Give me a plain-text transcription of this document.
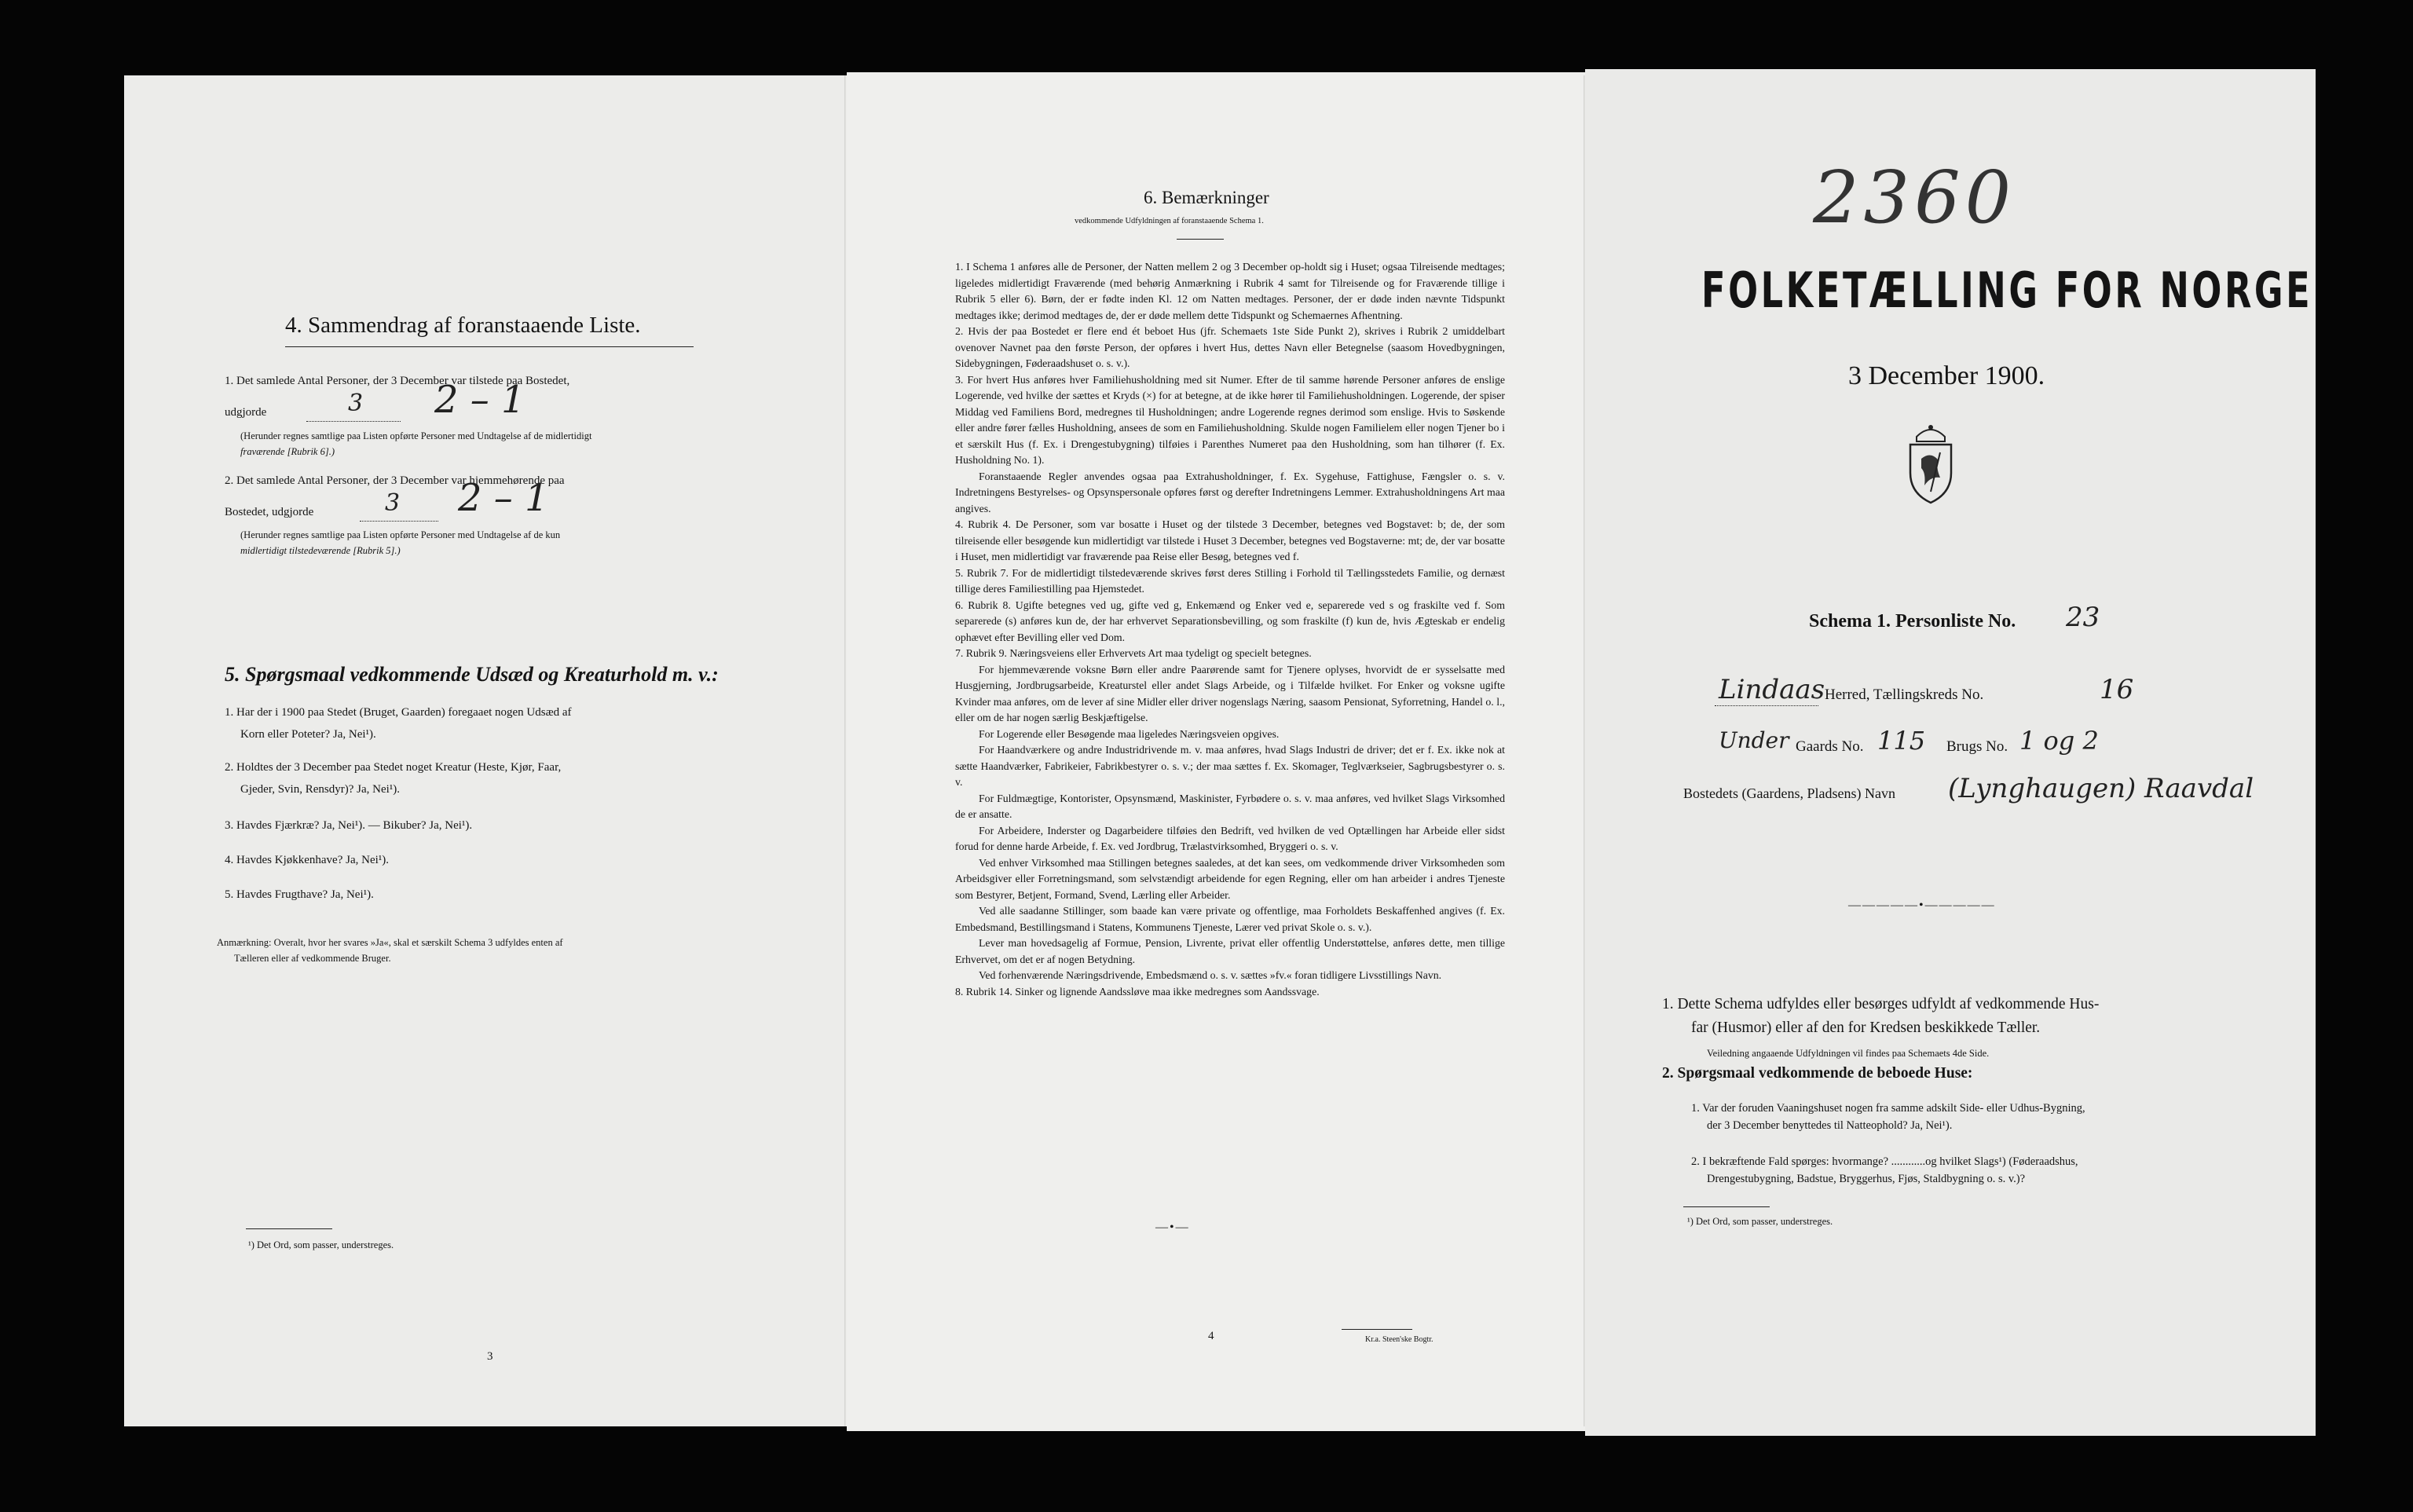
4. Sammendrag af foranstaaende Liste.
1. Det samlede Antal Personer, der 3 December var tilstede paa Bostedet,
udgjorde	3 2 – 1
(Herunder regnes samtlige paa Listen opførte Personer med Undtagelse af de midlertidigt
fraværende [Rubrik 6].)
2. Det samlede Antal Personer, der 3 December var hjemmehørende paa
Bostedet, udgjorde	3 2 – 1
(Herunder regnes samtlige paa Listen opførte Personer med Undtagelse af de kun
midlertidigt tilstedeværende [Rubrik 5].)
5. Spørgsmaal vedkommende Udsæd og Kreaturhold m. v.:
1. Har der i 1900 paa Stedet (Bruget, Gaarden) foregaaet nogen Udsæd af
Korn eller Poteter? Ja, Nei¹).
2. Holdtes der 3 December paa Stedet noget Kreatur (Heste, Kjør, Faar,
Gjeder, Svin, Rensdyr)? Ja, Nei¹).
3. Havdes Fjærkræ? Ja, Nei¹). — Bikuber? Ja, Nei¹).
4. Havdes Kjøkkenhave? Ja, Nei¹).
5. Havdes Frugthave? Ja, Nei¹).
Anmærkning: Overalt, hvor her svares »Ja«, skal et særskilt Schema 3 udfyldes enten af
Tælleren eller af vedkommende Bruger.
¹) Det Ord, som passer, understreges.
3
6. Bemærkninger
vedkommende Udfyldningen af foranstaaende Schema 1.

1. I Schema 1 anføres alle de Personer, der Natten mellem 2 og 3 December op-holdt sig i Huset; ogsaa Tilreisende medtages; ligeledes midlertidigt Fraværende (med behørig Anmærkning i Rubrik 4 samt for Tilreisende og for Fraværende tillige i Rubrik 5 eller 6). Børn, der er fødte inden Kl. 12 om Natten medtages. Personer, der er døde inden nævnte Tidspunkt medtages ikke; derimod medtages de, der er døde mellem dette Tidspunkt og Schemaernes Afhentning.

2. Hvis der paa Bostedet er flere end ét beboet Hus (jfr. Schemaets 1ste Side Punkt 2), skrives i Rubrik 2 umiddelbart ovenover Navnet paa den første Person, der opføres i hvert Hus, dettes Navn eller Betegnelse (saasom Hovedbygningen, Sidebygningen, Føderaadshuset o. s. v.).

3. For hvert Hus anføres hver Familiehusholdning med sit Numer. Efter de til samme hørende Personer anføres de enslige Logerende, ved hvilke der sættes et Kryds (×) for at betegne, at de ikke hører til Familiehusholdningen. Logerende, der spiser Middag ved Familiens Bord, medregnes til Husholdningen; andre Logerende regnes derimod som enslige. Hvis to Søskende eller andre fører fælles Husholdning, ansees de som en Familiehusholdning. Skulde nogen Familielem eller nogen Tjener bo i et særskilt Hus (f. Ex. i Drengestubygning) tilføies i Parenthes Numeret paa den Husholdning, som han tilhører (f. Ex. Husholdning No. 1).

Foranstaaende Regler anvendes ogsaa paa Extrahusholdninger, f. Ex. Sygehuse, Fattighuse, Fængsler o. s. v. Indretningens Bestyrelses- og Opsynspersonale opføres først og derefter Indretningens Lemmer. Extrahusholdningens Art maa angives.

4. Rubrik 4. De Personer, som var bosatte i Huset og der tilstede 3 December, betegnes ved Bogstavet: b; de, der som tilreisende eller besøgende kun midlertidigt var tilstede i Huset 3 December, betegnes ved Bogstaverne: mt; de, der var bosatte i Huset, men midlertidigt var fraværende paa Reise eller Besøg, betegnes ved f.

5. Rubrik 7. For de midlertidigt tilstedeværende skrives først deres Stilling i Forhold til Tællingsstedets Familie, og dernæst tillige deres Familiestilling paa Hjemstedet.

6. Rubrik 8. Ugifte betegnes ved ug, gifte ved g, Enkemænd og Enker ved e, separerede ved s og fraskilte ved f. Som separerede (s) anføres kun de, der har erhvervet Separationsbevilling, og som fraskilte (f) kun de, hvis Ægteskab er endelig ophævet efter Bevilling eller ved Dom.

7. Rubrik 9. Næringsveiens eller Erhvervets Art maa tydeligt og specielt betegnes.

For hjemmeværende voksne Børn eller andre Paarørende samt for Tjenere oplyses, hvorvidt de er sysselsatte med Husgjerning, Jordbrugsarbeide, Kreaturstel eller andet Slags Arbeide, og i Tilfælde hvilket. For Enker og voksne ugifte Kvinder maa anføres, om de lever af sine Midler eller driver nogenslags Næring, saasom Pensionat, Syforretning, Handel o. l., eller om de har nogen særlig Beskjæftigelse.

For Logerende eller Besøgende maa ligeledes Næringsveien opgives.

For Haandværkere og andre Industridrivende m. v. maa anføres, hvad Slags Industri de driver; det er f. Ex. ikke nok at sætte Haandværker, Fabrikeier, Fabrikbestyrer o. s. v.; der maa sættes f. Ex. Skomager, Teglværkseier, Sagbrugsbestyrer o. s. v.

For Fuldmægtige, Kontorister, Opsynsmænd, Maskinister, Fyrbødere o. s. v. maa anføres, ved hvilket Slags Virksomhed de er ansatte.

For Arbeidere, Inderster og Dagarbeidere tilføies den Bedrift, ved hvilken de ved Optællingen har Arbeide eller sidst forud for denne harde Arbeide, f. Ex. ved Jordbrug, Trælastvirksomhed, Bryggeri o. s. v.

Ved enhver Virksomhed maa Stillingen betegnes saaledes, at det kan sees, om vedkommende driver Virksomheden som Arbeidsgiver eller Forretningsmand, som selvstændigt arbeidende for egen Regning, eller om han arbeider i andres Tjeneste som Bestyrer, Betjent, Formand, Svend, Lærling eller Arbeider.

Ved alle saadanne Stillinger, som baade kan være private og offentlige, maa Forholdets Beskaffenhed angives (f. Ex. Embedsmand, Bestillingsmand i Statens, Kommunens Tjeneste, Lærer ved privat Skole o. s. v.).

Lever man hovedsagelig af Formue, Pension, Livrente, privat eller offentlig Understøttelse, anføres dette, men tillige Erhvervet, om det er af nogen Betydning.

Ved forhenværende Næringsdrivende, Embedsmænd o. s. v. sættes »fv.« foran tidligere Livsstillings Navn.

8. Rubrik 14. Sinker og lignende Aandssløve maa ikke medregnes som Aandssvage.

―•―
4	Kr.a. Steen'ske Bogtr.
2360
FOLKETÆLLING FOR NORGE
3 December 1900.
Schema 1. Personliste No. 23
Lindaas Herred, Tællingskreds No.	16
Under Gaards No. 115 Brugs No. 1 og 2
Bostedets (Gaardens, Pladsens) Navn (Lynghaugen) Raavdal
―――――•―――――
1. Dette Schema udfyldes eller besørges udfyldt af vedkommende Hus-
far (Husmor) eller af den for Kredsen beskikkede Tæller.
Veiledning angaaende Udfyldningen vil findes paa Schemaets 4de Side.
2. Spørgsmaal vedkommende de beboede Huse:
1. Var der foruden Vaaningshuset nogen fra samme adskilt Side- eller Udhus-Bygning,
der 3 December benyttedes til Natteophold? Ja, Nei¹).
2. I bekræftende Fald spørges: hvormange? ............og hvilket Slags¹) (Føderaadshus,
Drengestubygning, Badstue, Bryggerhus, Fjøs, Staldbygning o. s. v.)?
¹) Det Ord, som passer, understreges.
